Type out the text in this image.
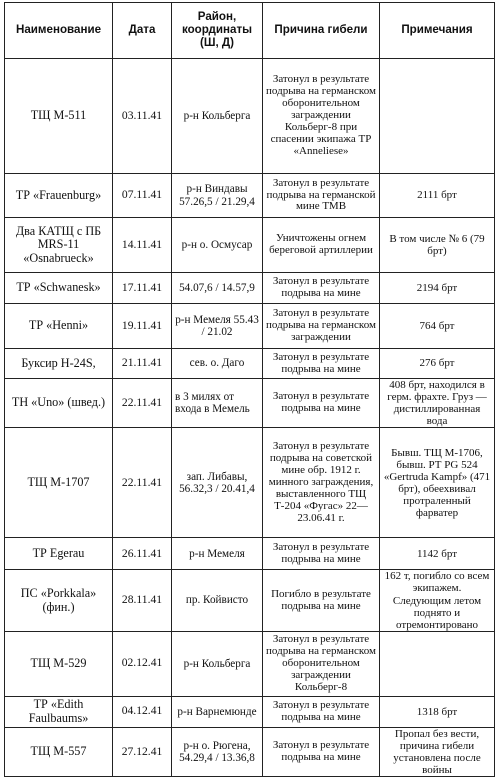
Наименование	Дата	Район, координаты (Ш, Д)	Причина гибели	Примечания
ТЩ М-511	03.11.41	р-н Кольберга	Затонул в результате подрыва на германском оборонительном заграждении Кольберг-8 при спасении экипажа ТР «Anneliese»	
ТР «Frauenburg»	07.11.41	р-н Виндавы 57.26,5 / 21.29,4	Затонул в результате подрыва на германской мине ТМВ	2111 брт
Два КАТЩ с ПБ MRS-11 «Osnabrueck»	14.11.41	р-н о. Осмусар	Уничтожены огнем береговой артиллерии	В том числе № 6 (79 брт)
ТР «Schwanesk»	17.11.41	54.07,6 / 14.57,9	Затонул в результате подрыва на мине	2194 брт
ТР «Henni»	19.11.41	р-н Мемеля 55.43 / 21.02	Затонул в результате подрыва на германском заграждении	764 брт
Буксир Н-24S,	21.11.41	сев. о. Даго	Затонул в результате подрыва на мине	276 брт
ТН «Uno» (швед.)	22.11.41	в 3 милях от входа в Мемель	Затонул в результате подрыва на мине	408 брт, находился в герм. фрахте. Груз — дистиллированная вода
ТЩ М-1707	22.11.41	зап. Либавы, 56.32,3 / 20.41,4	Затонул в результате подрыва на советской мине обр. 1912 г. минного заграждения, выставленного ТЩ Т-204 «Фугас» 22—23.06.41 г.	Бывш. ТЩ М-1706, бывш. РТ PG 524 «Gertruda Kampf» (471 брт), обеехвивал протраленный фарватер
ТР Egerau	26.11.41	р-н Мемеля	Затонул в результате подрыва на мине	1142 брт
ПС «Porkkala» (фин.)	28.11.41	пр. Койвисто	Погибло в результате подрыва на мине	162 т, погибло со всем экипажем. Следующим летом поднято и отремонтировано
ТЩ М-529	02.12.41	р-н Кольберга	Затонул в результате подрыва на германском оборонительном заграждении Кольберг-8	
ТР «Edith Faulbaums»	04.12.41	р-н Варнемюнде	Затонул в результате подрыва на мине	1318 брт
ТЩ М-557	27.12.41	р-н о. Рюгена, 54.29,4 / 13.36,8	Затонул в результате подрыва на мине	Пропал без вести, причина гибели установлена после войны
